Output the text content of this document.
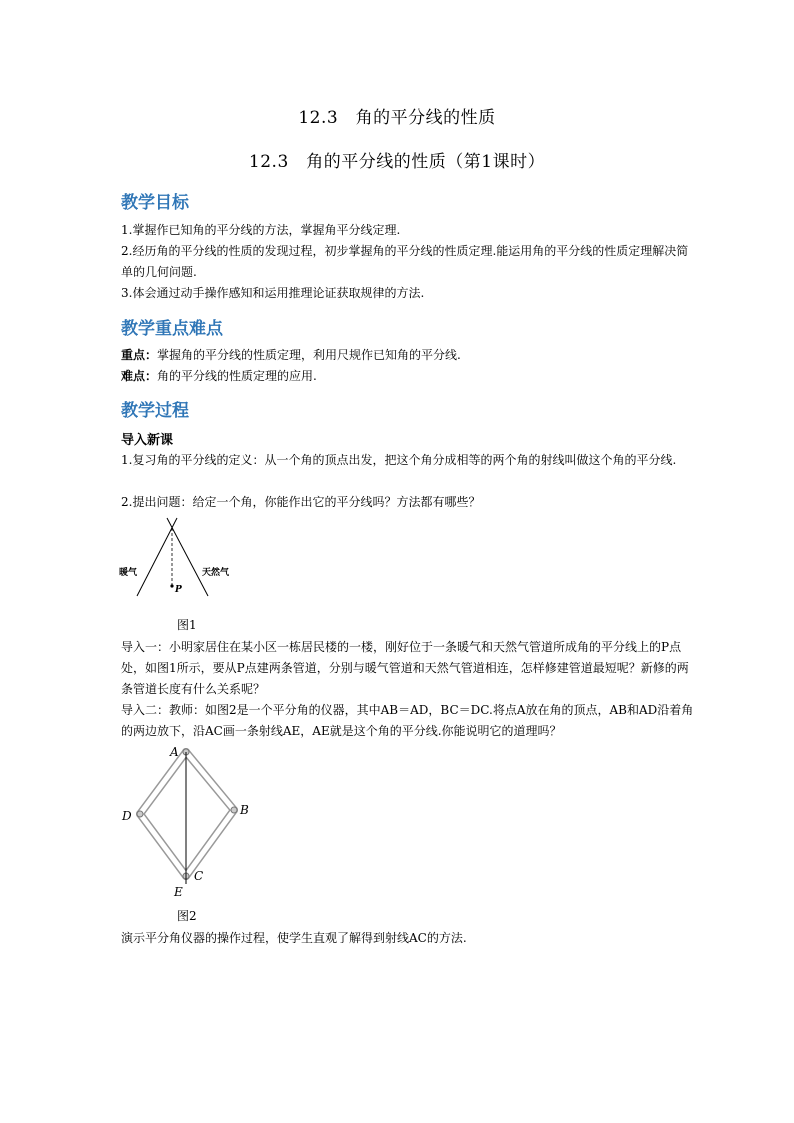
12.3　角的平分线的性质
12.3　角的平分线的性质（第1课时）
教学目标
1.掌握作已知角的平分线的方法，掌握角平分线定理.
2.经历角的平分线的性质的发现过程，初步掌握角的平分线的性质定理.能运用角的平分线的性质定理解决简单的几何问题.
3.体会通过动手操作感知和运用推理论证获取规律的方法.
教学重点难点
重点：掌握角的平分线的性质定理，利用尺规作已知角的平分线.
难点：角的平分线的性质定理的应用.
教学过程
导入新课
1.复习角的平分线的定义：从一个角的顶点出发，把这个角分成相等的两个角的射线叫做这个角的平分线.
2.提出问题：给定一个角，你能作出它的平分线吗？方法都有哪些？
暖气	天然气
P
图1
导入一：小明家居住在某小区一栋居民楼的一楼，刚好位于一条暖气和天然气管道所成角的平分线上的P点处，如图1所示，要从P点建两条管道，分别与暖气管道和天然气管道相连，怎样修建管道最短呢？新修的两条管道长度有什么关系呢？
导入二：教师：如图2是一个平分角的仪器，其中AB＝AD，BC＝DC.将点A放在角的顶点，AB和AD沿着角的两边放下，沿AC画一条射线AE，AE就是这个角的平分线.你能说明它的道理吗？
A
B
C
D
E
图2
演示平分角仪器的操作过程，使学生直观了解得到射线AC的方法.
